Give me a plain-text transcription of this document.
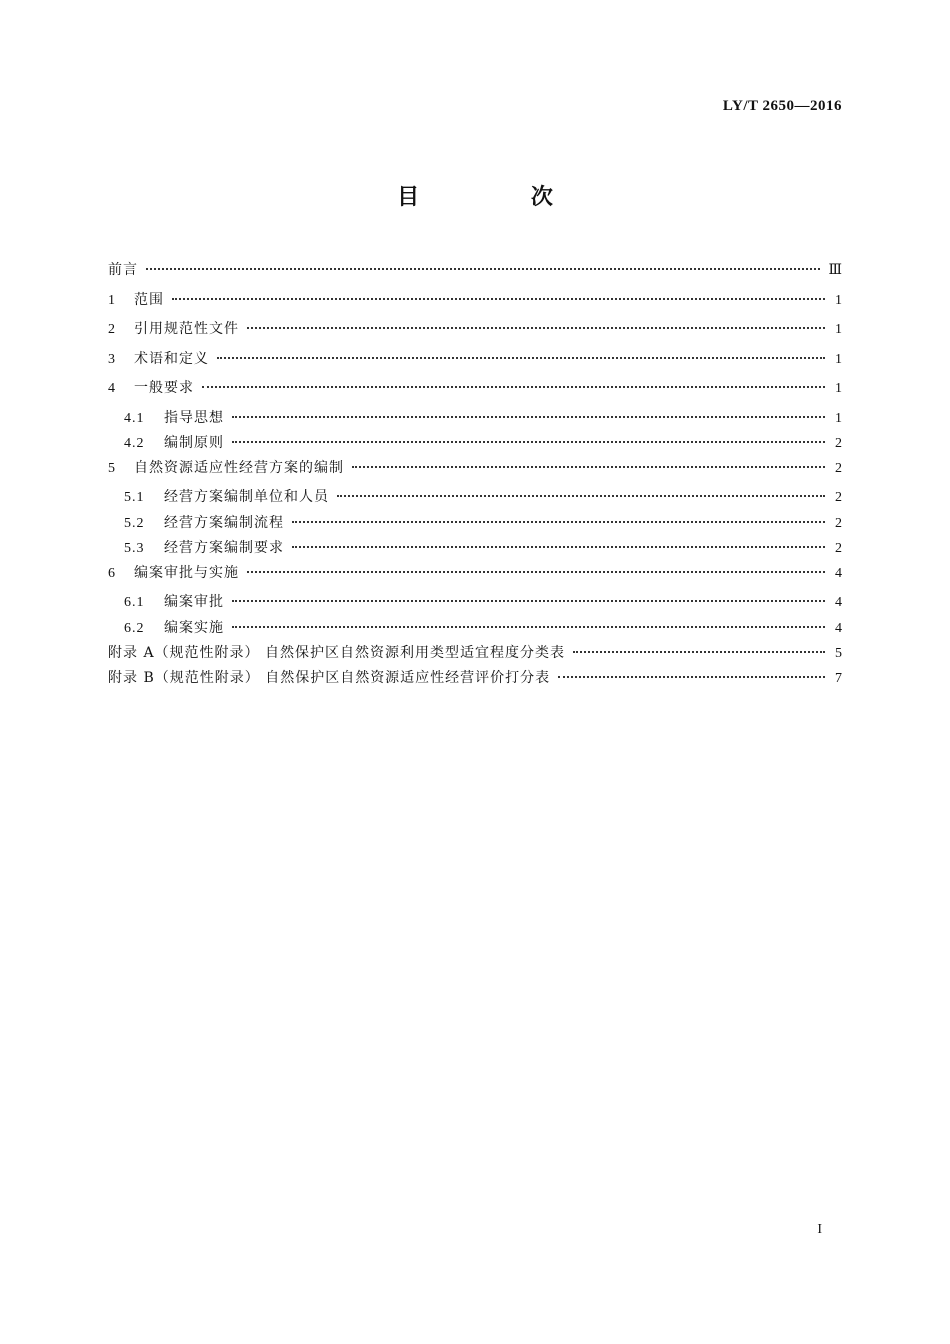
LY/T 2650—2016
目 次
前言	Ⅲ
1	范围	1
2	引用规范性文件	1
3	术语和定义	1
4	一般要求	1
4.1	指导思想	1
4.2	编制原则	2
5	自然资源适应性经营方案的编制	2
5.1	经营方案编制单位和人员	2
5.2	经营方案编制流程	2
5.3	经营方案编制要求	2
6	编案审批与实施	4
6.1	编案审批	4
6.2	编案实施	4
附录 A（规范性附录） 自然保护区自然资源利用类型适宜程度分类表	5
附录 B（规范性附录） 自然保护区自然资源适应性经营评价打分表	7
I
